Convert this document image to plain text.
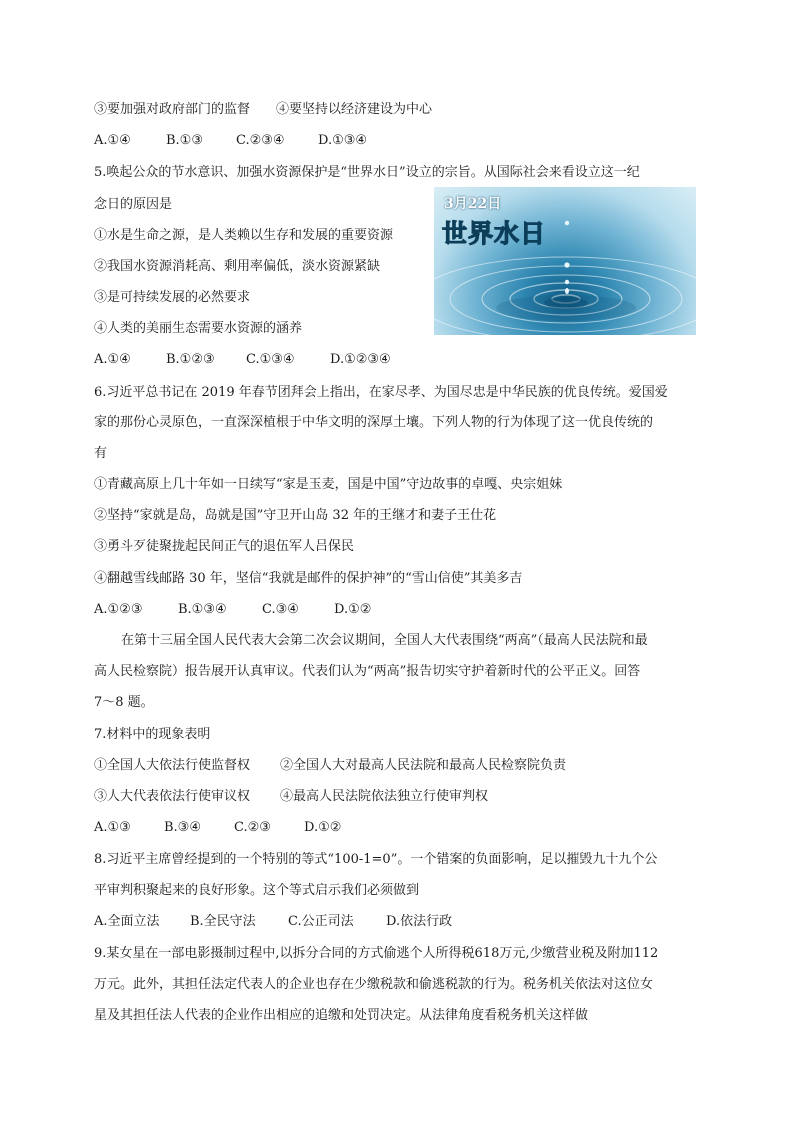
③要加强对政府部门的监督　　④要坚持以经济建设为中心
A.①④	B.①③	C.②③④	D.①③④
5.唤起公众的节水意识、加强水资源保护是“世界水日”设立的宗旨。从国际社会来看设立这一纪
念日的原因是
①水是生命之源，是人类赖以生存和发展的重要资源
②我国水资源消耗高、剩用率偏低，淡水资源紧缺
③是可持续发展的必然要求
④人类的美丽生态需要水资源的涵养
A.①④	B.①②③ C.①③④	D.①②③④
3月22日
世界水日
6.习近平总书记在 2019 年春节团拜会上指出，在家尽孝、为国尽忠是中华民族的优良传统。爱国爱
家的那份心灵原色，一直深深植根于中华文明的深厚土壤。下列人物的行为体现了这一优良传统的
有
①青藏高原上几十年如一日续写“家是玉麦，国是中国”守边故事的卓嘎、央宗姐妹
②坚持“家就是岛，岛就是国”守卫开山岛 32 年的王继才和妻子王仕花
③勇斗歹徒聚拢起民间正气的退伍军人吕保民
④翻越雪线邮路 30 年，坚信“我就是邮件的保护神”的“雪山信使”其美多吉
A.①②③	B.①③④	C.③④	D.①②
在第十三届全国人民代表大会第二次会议期间，全国人大代表围绕“两高”（最高人民法院和最
高人民检察院）报告展开认真审议。代表们认为“两高”报告切实守护着新时代的公平正义。回答
7～8 题。
7.材料中的现象表明
①全国人大依法行使监督权 ②全国人大对最高人民法院和最高人民检察院负责
③人大代表依法行使审议权 ④最高人民法院依法独立行使审判权
A.①③	B.③④	C.②③	D.①②
8.习近平主席曾经提到的一个特别的等式“100-1=0”。一个错案的负面影响，足以摧毁九十九个公
平审判积聚起来的良好形象。这个等式启示我们必须做到
A.全面立法 B.全民守法 C.公正司法 D.依法行政
9.某女星在一部电影摄制过程中,以拆分合同的方式偷逃个人所得税618万元,少缴营业税及附加112
万元。此外，其担任法定代表人的企业也存在少缴税款和偷逃税款的行为。税务机关依法对这位女
星及其担任法人代表的企业作出相应的追缴和处罚决定。从法律角度看税务机关这样做
